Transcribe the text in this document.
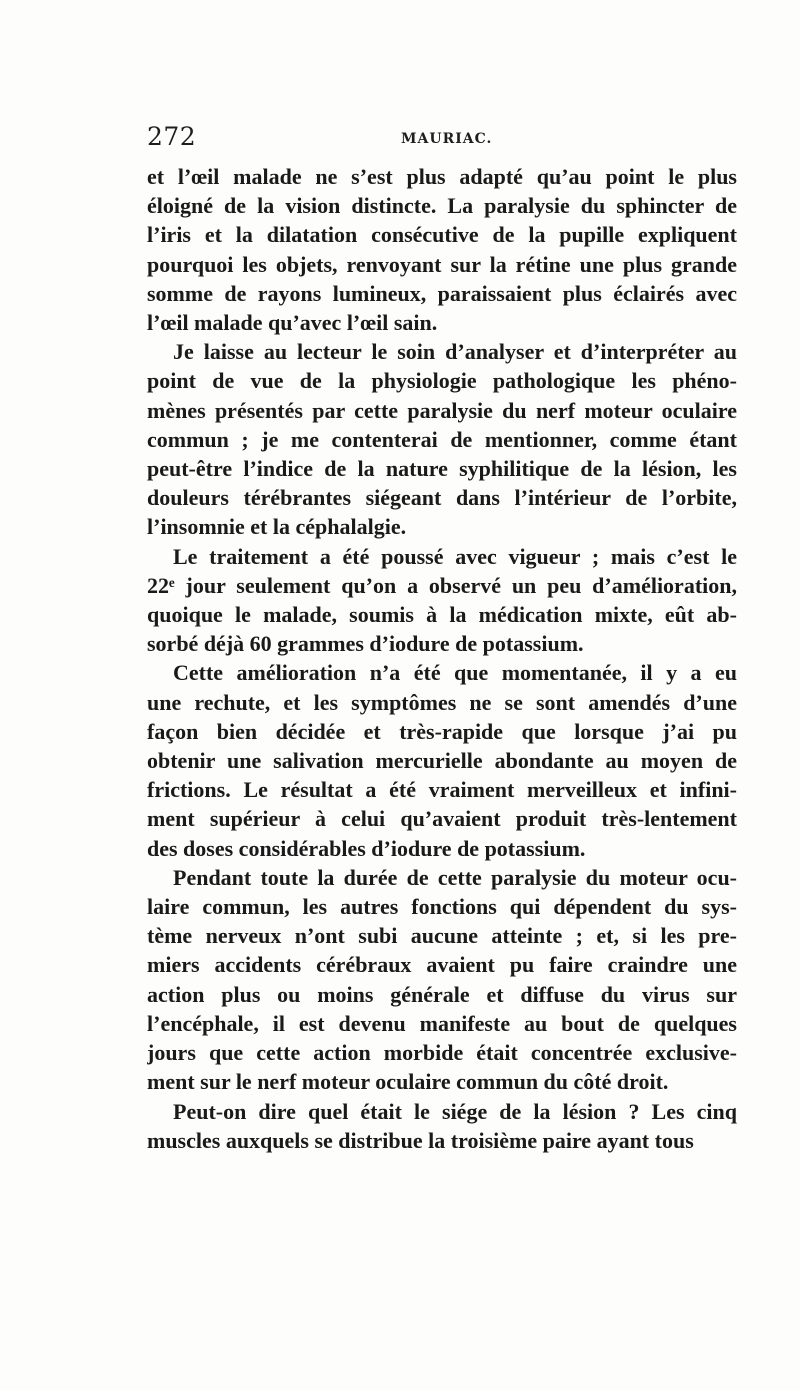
272	MAURIAC.

et l’œil malade ne s’est plus adapté qu’au point le plus
éloigné de la vision distincte. La paralysie du sphincter de
l’iris et la dilatation consécutive de la pupille expliquent
pourquoi les objets, renvoyant sur la rétine une plus grande
somme de rayons lumineux, paraissaient plus éclairés avec
l’œil malade qu’avec l’œil sain.

Je laisse au lecteur le soin d’analyser et d’interpréter au
point de vue de la physiologie pathologique les phéno-
mènes présentés par cette paralysie du nerf moteur oculaire
commun ; je me contenterai de mentionner, comme étant
peut-être l’indice de la nature syphilitique de la lésion, les
douleurs térébrantes siégeant dans l’intérieur de l’orbite,
l’insomnie et la céphalalgie.

Le traitement a été poussé avec vigueur ; mais c’est le
22ᵉ jour seulement qu’on a observé un peu d’amélioration,
quoique le malade, soumis à la médication mixte, eût ab-
sorbé déjà 60 grammes d’iodure de potassium.

Cette amélioration n’a été que momentanée, il y a eu
une rechute, et les symptômes ne se sont amendés d’une
façon bien décidée et très-rapide que lorsque j’ai pu
obtenir une salivation mercurielle abondante au moyen de
frictions. Le résultat a été vraiment merveilleux et infini-
ment supérieur à celui qu’avaient produit très-lentement
des doses considérables d’iodure de potassium.

Pendant toute la durée de cette paralysie du moteur ocu-
laire commun, les autres fonctions qui dépendent du sys-
tème nerveux n’ont subi aucune atteinte ; et, si les pre-
miers accidents cérébraux avaient pu faire craindre une
action plus ou moins générale et diffuse du virus sur
l’encéphale, il est devenu manifeste au bout de quelques
jours que cette action morbide était concentrée exclusive-
ment sur le nerf moteur oculaire commun du côté droit.

Peut-on dire quel était le siége de la lésion ? Les cinq
muscles auxquels se distribue la troisième paire ayant tous
